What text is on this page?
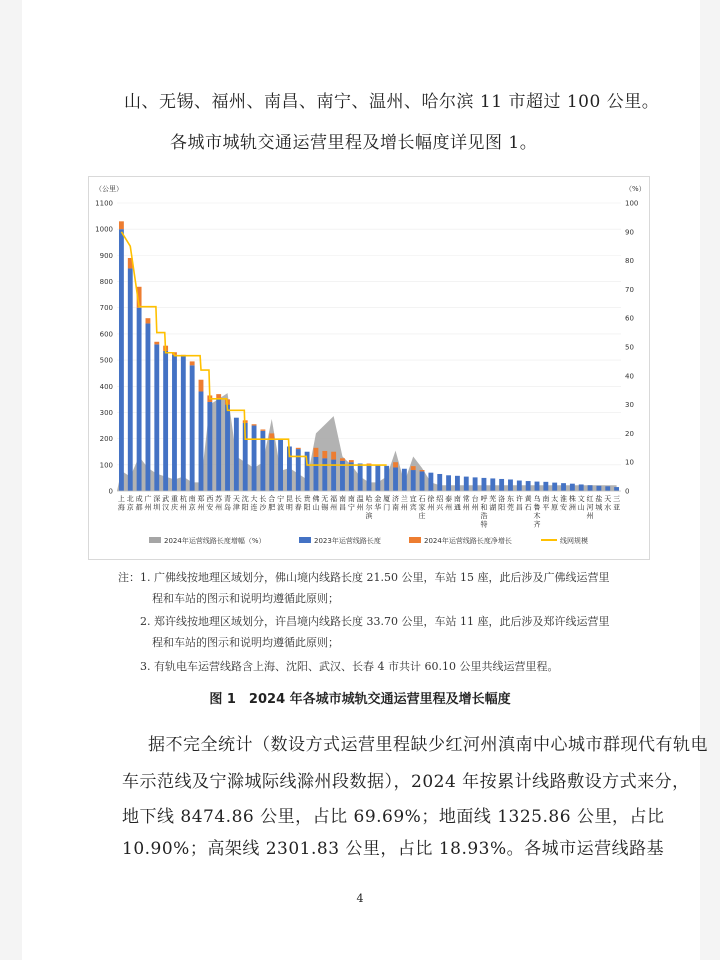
山、无锡、福州、南昌、南宁、温州、哈尔滨 11 市超过 100 公里。
各城市城轨交通运营里程及增长幅度详见图 1。
（公里）	（%）
0
100
200
300
400
500
600
700
800
900
1000
1100
0
10
20
30
40
50
60
70
80
90
100
上
海
北
京
成
都
广
州
深
圳
武
汉
重
庆
杭
州
南
京
郑
州
西
安
苏
州
青
岛
天
津
沈
阳
大
连
长
沙
合
肥
宁
波
昆
明
长
春
贵
阳
佛
山
无
锡
福
州
南
昌
南
宁
温
州
哈
尔
滨
金
华
厦
门
济
南
兰
州
宜
宾
石
家
庄
徐
州
绍
兴
泰
州
南
通
常
州
台
州
呼
和
浩
特
芜
湖
洛
阳
东
莞
许
昌
黄
石
乌
鲁
木
齐
南
平
太
原
淮
安
株
洲
文
山
红
河
州
盐
城
天
水
三
亚
2024年运营线路长度增幅（%）	2023年运营线路长度	2024年运营线路长度净增长	线网规模
注：1. 广佛线按地理区域划分，佛山境内线路长度 21.50 公里，车站 15 座，此后涉及广佛线运营里
程和车站的图示和说明均遵循此原则；
2. 郑许线按地理区域划分，许昌境内线路长度 33.70 公里，车站 11 座，此后涉及郑许线运营里
程和车站的图示和说明均遵循此原则；
3. 有轨电车运营线路含上海、沈阳、武汉、长春 4 市共计 60.10 公里共线运营里程。
图 1　2024 年各城市城轨交通运营里程及增长幅度
据不完全统计（数设方式运营里程缺少红河州滇南中心城市群现代有轨电
车示范线及宁滁城际线滁州段数据），2024 年按累计线路敷设方式来分，
地下线 8474.86 公里，占比 69.69%；地面线 1325.86 公里，占比
10.90%；高架线 2301.83 公里，占比 18.93%。各城市运营线路基
4
